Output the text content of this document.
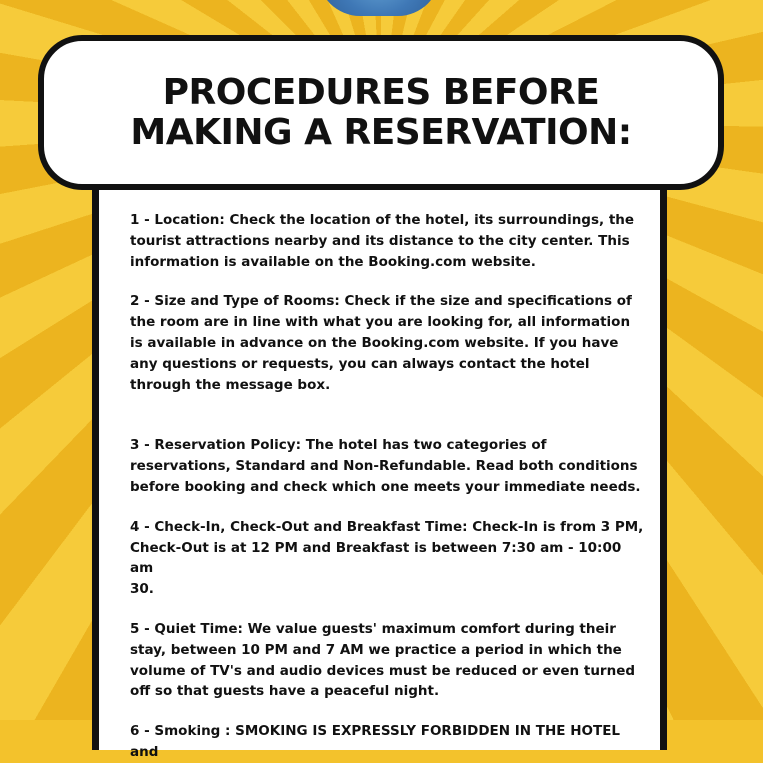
PROCEDURES BEFORE
MAKING A RESERVATION:

1 - Location: Check the location of the hotel, its surroundings, the
tourist attractions nearby and its distance to the city center. This
information is available on the Booking.com website.

2 - Size and Type of Rooms: Check if the size and specifications of
the room are in line with what you are looking for, all information
is available in advance on the Booking.com website. If you have
any questions or requests, you can always contact the hotel
through the message box.

3 - Reservation Policy: The hotel has two categories of
reservations, Standard and Non-Refundable. Read both conditions
before booking and check which one meets your immediate needs.

4 - Check-In, Check-Out and Breakfast Time: Check-In is from 3 PM,
Check-Out is at 12 PM and Breakfast is between 7:30 am - 10:00 am
30.

5 - Quiet Time: We value guests' maximum comfort during their
stay, between 10 PM and 7 AM we practice a period in which the
volume of TV's and audio devices must be reduced or even turned
off so that guests have a peaceful night.

6 - Smoking : SMOKING IS EXPRESSLY FORBIDDEN IN THE HOTEL and
